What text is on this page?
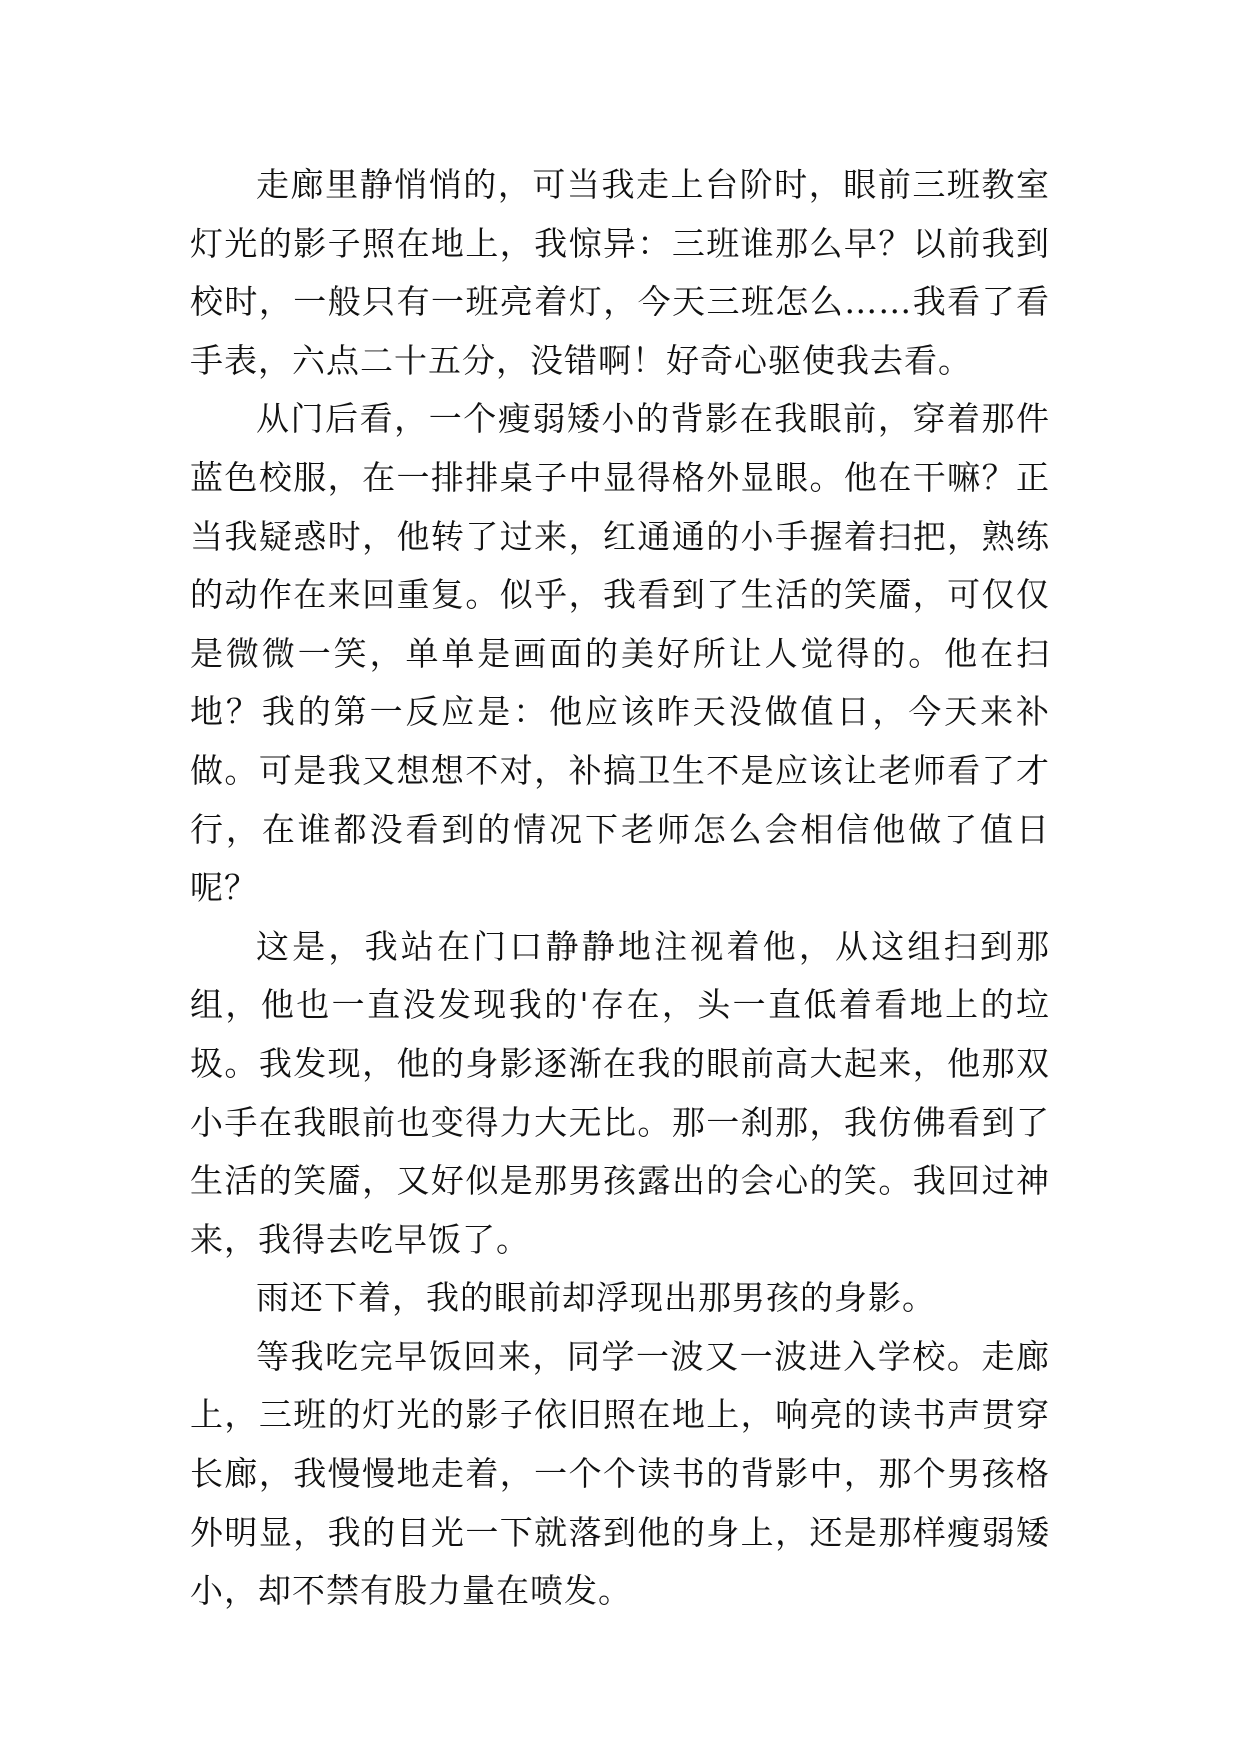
走廊里静悄悄的，可当我走上台阶时，眼前三班教室灯光的影子照在地上，我惊异：三班谁那么早？以前我到校时，一般只有一班亮着灯，今天三班怎么……我看了看手表，六点二十五分，没错啊！好奇心驱使我去看。

从门后看，一个瘦弱矮小的背影在我眼前，穿着那件蓝色校服，在一排排桌子中显得格外显眼。他在干嘛？正当我疑惑时，他转了过来，红通通的小手握着扫把，熟练的动作在来回重复。似乎，我看到了生活的笑靥，可仅仅是微微一笑，单单是画面的美好所让人觉得的。他在扫地？我的第一反应是：他应该昨天没做值日，今天来补做。可是我又想想不对，补搞卫生不是应该让老师看了才行，在谁都没看到的情况下老师怎么会相信他做了值日呢？

这是，我站在门口静静地注视着他，从这组扫到那组，他也一直没发现我的'存在，头一直低着看地上的垃圾。我发现，他的身影逐渐在我的眼前高大起来，他那双小手在我眼前也变得力大无比。那一刹那，我仿佛看到了生活的笑靥，又好似是那男孩露出的会心的笑。我回过神来，我得去吃早饭了。

雨还下着，我的眼前却浮现出那男孩的身影。

等我吃完早饭回来，同学一波又一波进入学校。走廊上，三班的灯光的影子依旧照在地上，响亮的读书声贯穿长廊，我慢慢地走着，一个个读书的背影中，那个男孩格外明显，我的目光一下就落到他的身上，还是那样瘦弱矮小，却不禁有股力量在喷发。
